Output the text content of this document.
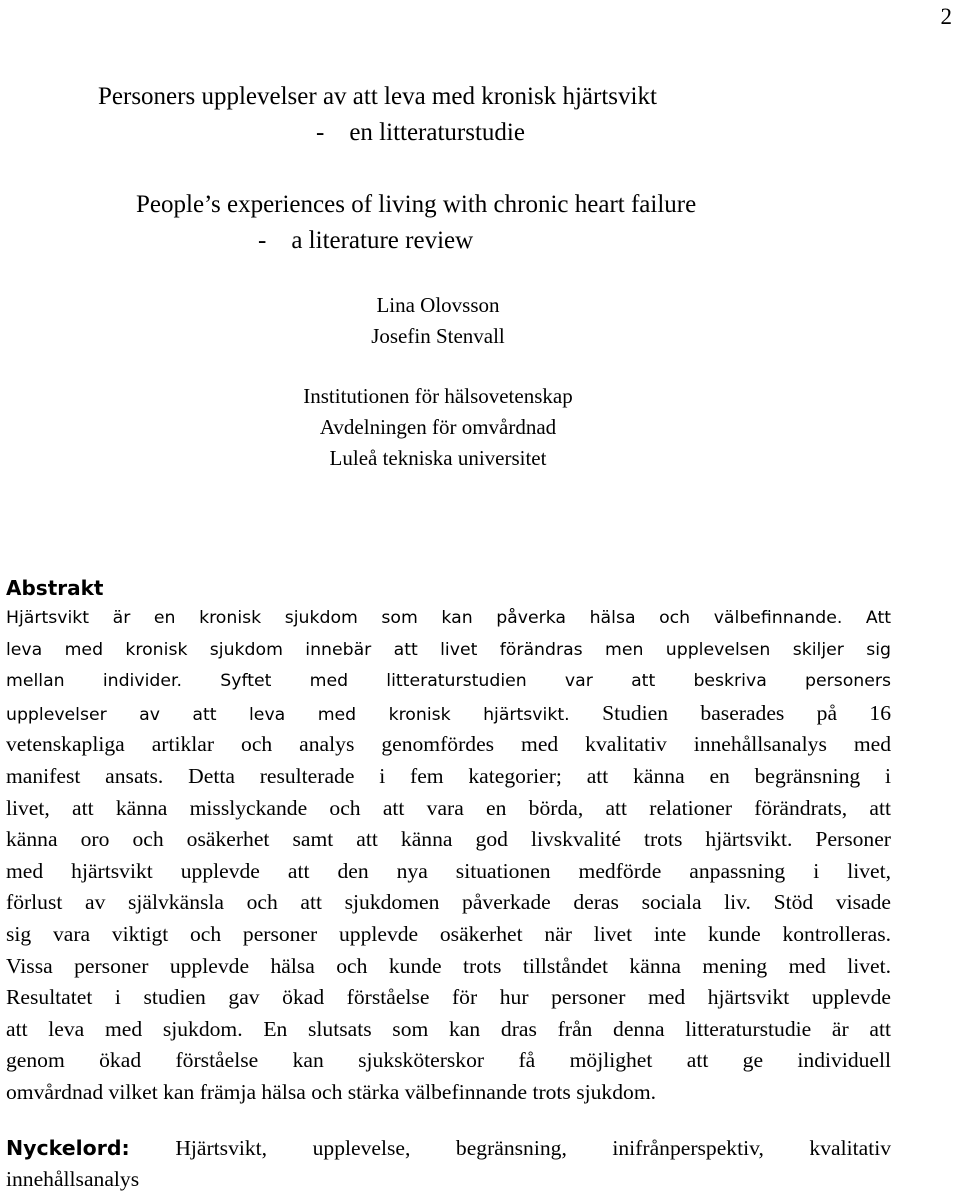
2
Personers upplevelser av att leva med kronisk hjärtsvikt
-    en litteraturstudie
People’s experiences of living with chronic heart failure
-    a literature review
Lina Olovsson
Josefin Stenvall
Institutionen för hälsovetenskap
Avdelningen för omvårdnad
Luleå tekniska universitet
Abstrakt
Hjärtsvikt är en kronisk sjukdom som kan påverka hälsa och välbefinnande. Att
leva med kronisk sjukdom innebär att livet förändras men upplevelsen skiljer sig
mellan individer. Syftet med litteraturstudien var att beskriva personers
upplevelser av att leva med kronisk hjärtsvikt. Studien baserades på 16
vetenskapliga artiklar och analys genomfördes med kvalitativ innehållsanalys med
manifest ansats. Detta resulterade i fem kategorier; att känna en begränsning i
livet, att känna misslyckande och att vara en börda, att relationer förändrats, att
känna oro och osäkerhet samt att känna god livskvalité trots hjärtsvikt. Personer
med hjärtsvikt upplevde att den nya situationen medförde anpassning i livet,
förlust av självkänsla och att sjukdomen påverkade deras sociala liv. Stöd visade
sig vara viktigt och personer upplevde osäkerhet när livet inte kunde kontrolleras.
Vissa personer upplevde hälsa och kunde trots tillståndet känna mening med livet.
Resultatet i studien gav ökad förståelse för hur personer med hjärtsvikt upplevde
att leva med sjukdom. En slutsats som kan dras från denna litteraturstudie är att
genom ökad förståelse kan sjuksköterskor få möjlighet att ge individuell
omvårdnad vilket kan främja hälsa och stärka välbefinnande trots sjukdom.
Nyckelord: Hjärtsvikt, upplevelse, begränsning, inifrånperspektiv, kvalitativ
innehållsanalys
